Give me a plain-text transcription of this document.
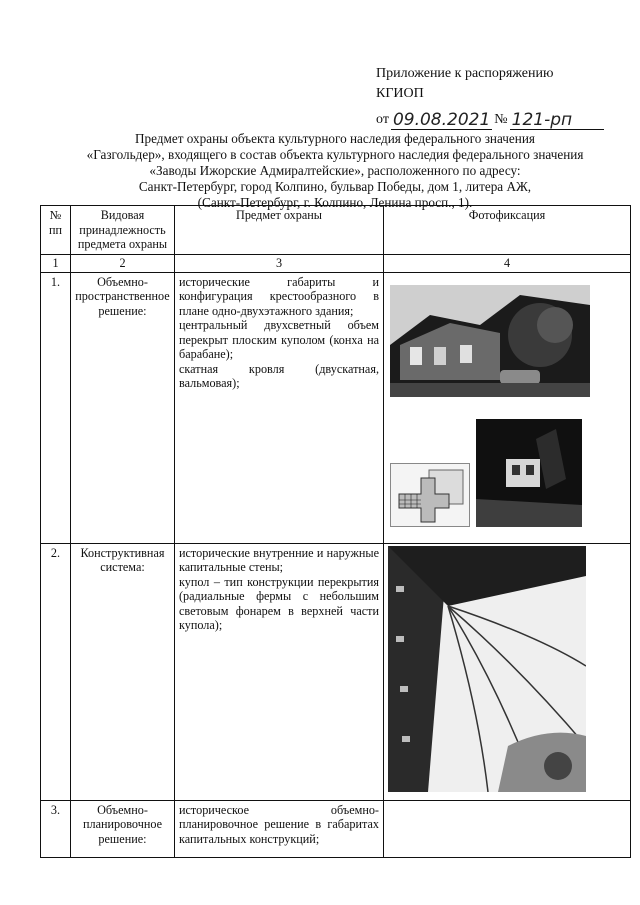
Приложение к распоряжению КГИОП
от 09.08.2021 № 121-рп
Предмет охраны объекта культурного наследия федерального значения
«Газгольдер», входящего в состав объекта культурного наследия федерального значения
«Заводы Ижорские Адмиралтейские», расположенного по адресу:
Санкт-Петербург, город Колпино, бульвар Победы, дом 1, литера АЖ,
(Санкт-Петербург, г. Колпино, Ленина просп., 1).
№ пп	Видовая принадлежность предмета охраны	Предмет охраны	Фотофиксация
1	2	3	4
1.	Объемно-пространственное решение:	исторические габариты и конфигурация крестообразного в плане одно-двухэтажного здания;
центральный двухсветный объем перекрыт плоским куполом (конха на барабане);
скатная кровля (двускатная, вальмовая);

2.	Конструктивная система:	исторические внутренние и наружные капитальные стены;
купол – тип конструкции перекрытия (радиальные фермы с небольшим световым фонарем в верхней части купола);

3.	Объемно-планировочное решение:	историческое объемно-планировочное решение в габаритах капитальных конструкций;	
